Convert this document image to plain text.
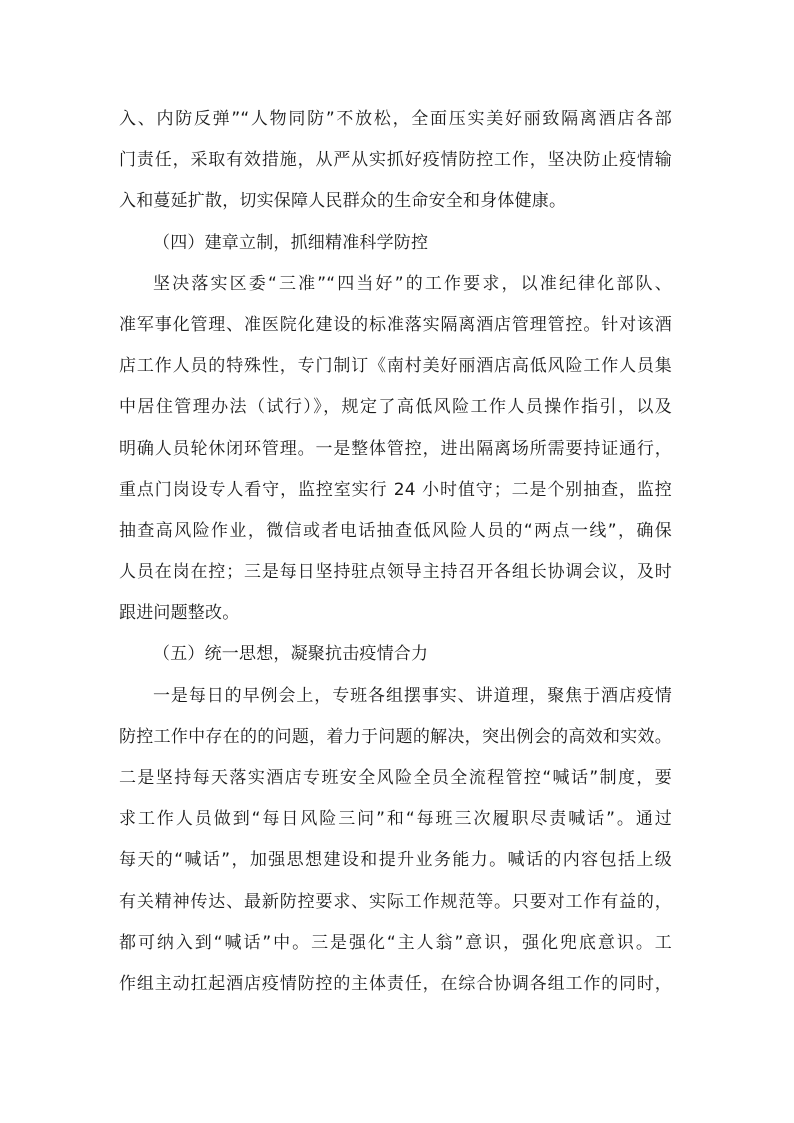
入、内防反弹”“人物同防”不放松，全面压实美好丽致隔离酒店各部
门责任，采取有效措施，从严从实抓好疫情防控工作，坚决防止疫情输
入和蔓延扩散，切实保障人民群众的生命安全和身体健康。
（四）建章立制，抓细精准科学防控
坚决落实区委“三准”“四当好”的工作要求，以准纪律化部队、
准军事化管理、准医院化建设的标准落实隔离酒店管理管控。针对该酒
店工作人员的特殊性，专门制订《南村美好丽酒店高低风险工作人员集
中居住管理办法（试行）》，规定了高低风险工作人员操作指引，以及
明确人员轮休闭环管理。一是整体管控，进出隔离场所需要持证通行，
重点门岗设专人看守，监控室实行 24 小时值守；二是个别抽查，监控
抽查高风险作业，微信或者电话抽查低风险人员的“两点一线”，确保
人员在岗在控；三是每日坚持驻点领导主持召开各组长协调会议，及时
跟进问题整改。
（五）统一思想，凝聚抗击疫情合力
一是每日的早例会上，专班各组摆事实、讲道理，聚焦于酒店疫情
防控工作中存在的的问题，着力于问题的解决，突出例会的高效和实效。
二是坚持每天落实酒店专班安全风险全员全流程管控“喊话”制度，要
求工作人员做到“每日风险三问”和“每班三次履职尽责喊话”。通过
每天的“喊话”，加强思想建设和提升业务能力。喊话的内容包括上级
有关精神传达、最新防控要求、实际工作规范等。只要对工作有益的，
都可纳入到“喊话”中。三是强化“主人翁”意识，强化兜底意识。工
作组主动扛起酒店疫情防控的主体责任，在综合协调各组工作的同时，
